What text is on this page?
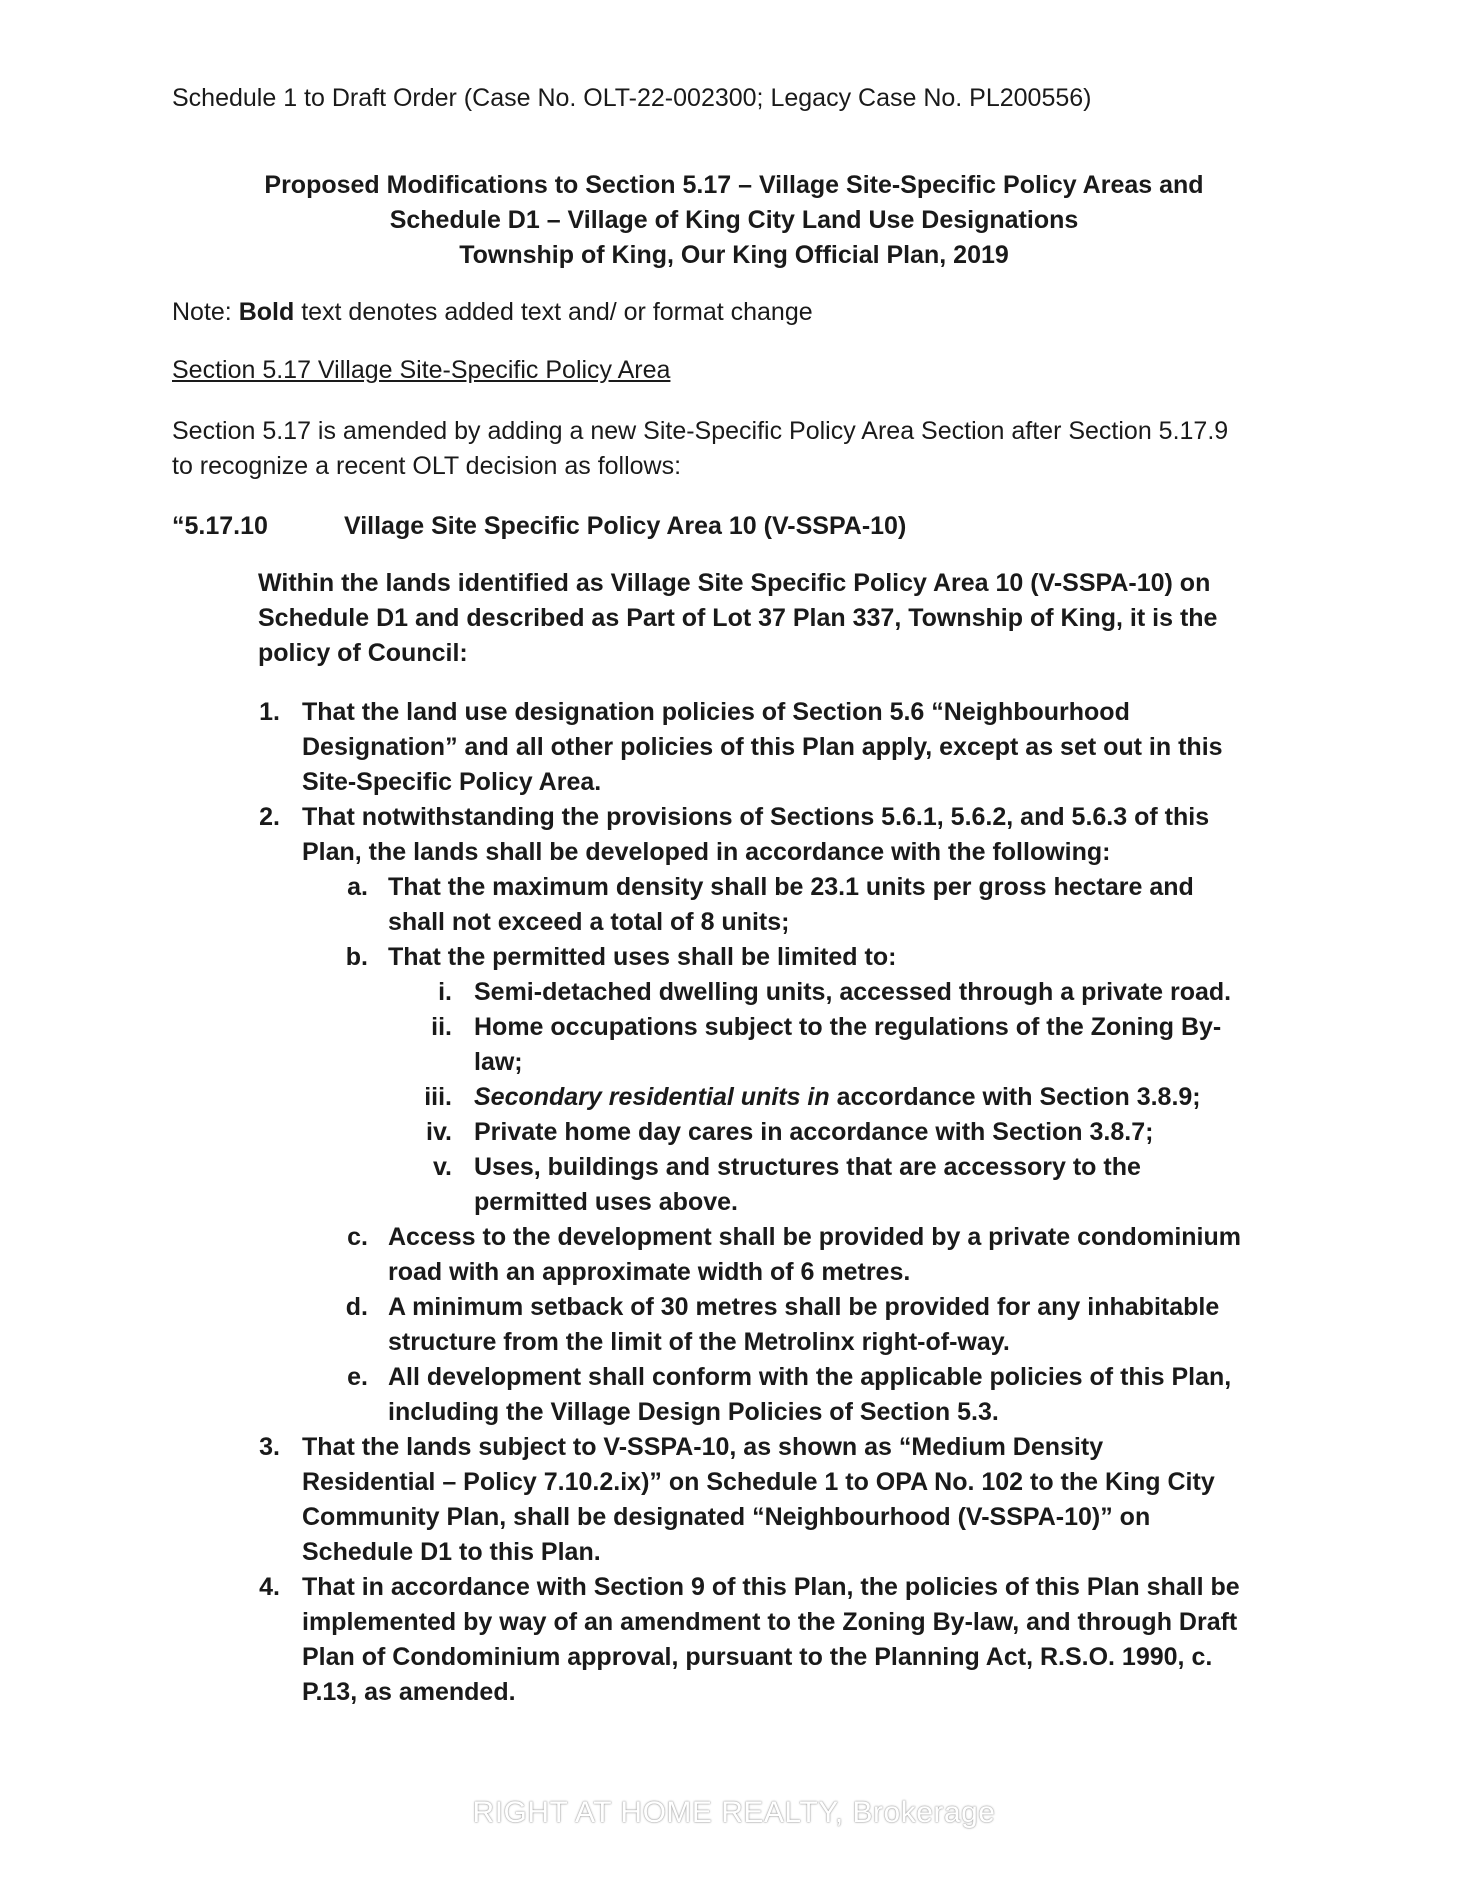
Schedule 1 to Draft Order (Case No. OLT-22-002300; Legacy Case No. PL200556)
Proposed Modifications to Section 5.17 – Village Site-Specific Policy Areas and
Schedule D1 – Village of King City Land Use Designations
Township of King, Our King Official Plan, 2019
Note: Bold text denotes added text and/ or format change
Section 5.17 Village Site-Specific Policy Area
Section 5.17 is amended by adding a new Site-Specific Policy Area Section after Section 5.17.9
to recognize a recent OLT decision as follows:
“5.17.10	Village Site Specific Policy Area 10 (V-SSPA-10)
Within the lands identified as Village Site Specific Policy Area 10 (V-SSPA-10) on
Schedule D1 and described as Part of Lot 37 Plan 337, Township of King, it is the
policy of Council:
1. That the land use designation policies of Section 5.6 “Neighbourhood
Designation” and all other policies of this Plan apply, except as set out in this
Site-Specific Policy Area.
2. That notwithstanding the provisions of Sections 5.6.1, 5.6.2, and 5.6.3 of this
Plan, the lands shall be developed in accordance with the following:
a. That the maximum density shall be 23.1 units per gross hectare and
shall not exceed a total of 8 units;
b. That the permitted uses shall be limited to:
i. Semi-detached dwelling units, accessed through a private road.
ii. Home occupations subject to the regulations of the Zoning By-
law;
iii. Secondary residential units in accordance with Section 3.8.9;
iv. Private home day cares in accordance with Section 3.8.7;
v. Uses, buildings and structures that are accessory to the
permitted uses above.
c. Access to the development shall be provided by a private condominium
road with an approximate width of 6 metres.
d. A minimum setback of 30 metres shall be provided for any inhabitable
structure from the limit of the Metrolinx right-of-way.
e. All development shall conform with the applicable policies of this Plan,
including the Village Design Policies of Section 5.3.
3. That the lands subject to V-SSPA-10, as shown as “Medium Density
Residential – Policy 7.10.2.ix)” on Schedule 1 to OPA No. 102 to the King City
Community Plan, shall be designated “Neighbourhood (V-SSPA-10)” on
Schedule D1 to this Plan.
4. That in accordance with Section 9 of this Plan, the policies of this Plan shall be
implemented by way of an amendment to the Zoning By-law, and through Draft
Plan of Condominium approval, pursuant to the Planning Act, R.S.O. 1990, c.
P.13, as amended.
RIGHT AT HOME REALTY, Brokerage
